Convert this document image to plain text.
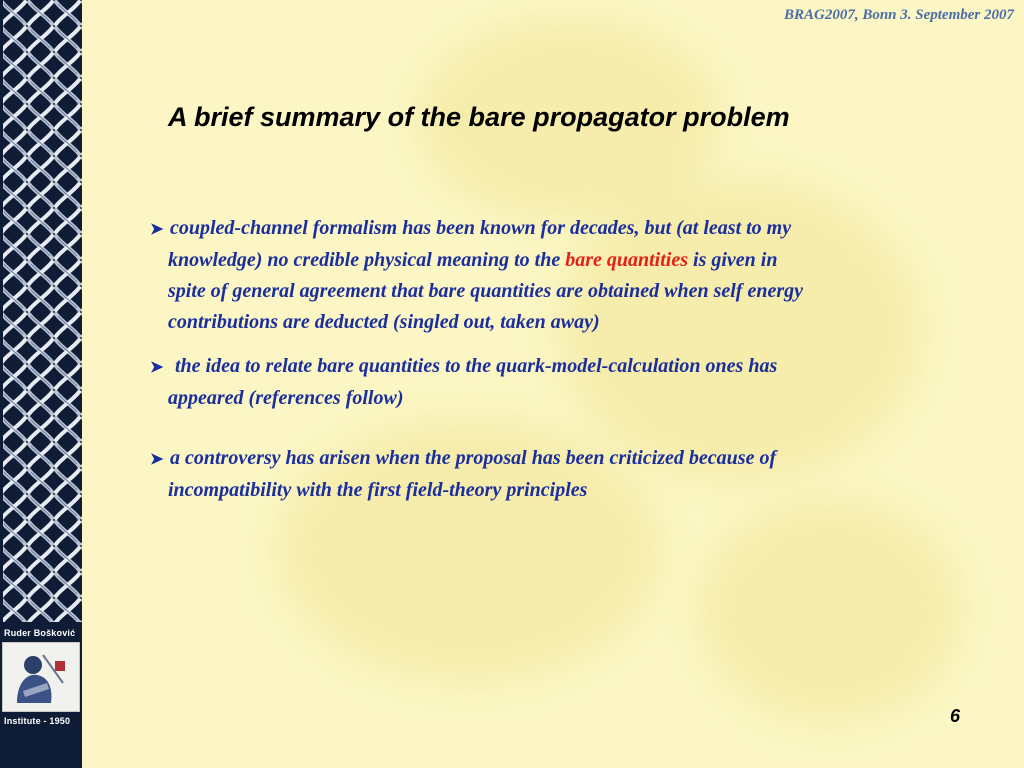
Ruder Bošković
Institute - 1950
BRAG2007, Bonn 3. September 2007
A brief summary of the bare propagator problem
➤ coupled-channel formalism has been known for decades, but (at least to my
knowledge) no credible physical meaning to the bare quantities is given in
spite of general agreement that bare quantities are obtained when self energy
contributions are deducted (singled out, taken away)
➤ the idea to relate bare quantities to the quark-model-calculation ones has
appeared (references follow)
➤ a controversy has arisen when the proposal has been criticized because of
incompatibility with the first field-theory principles
6
